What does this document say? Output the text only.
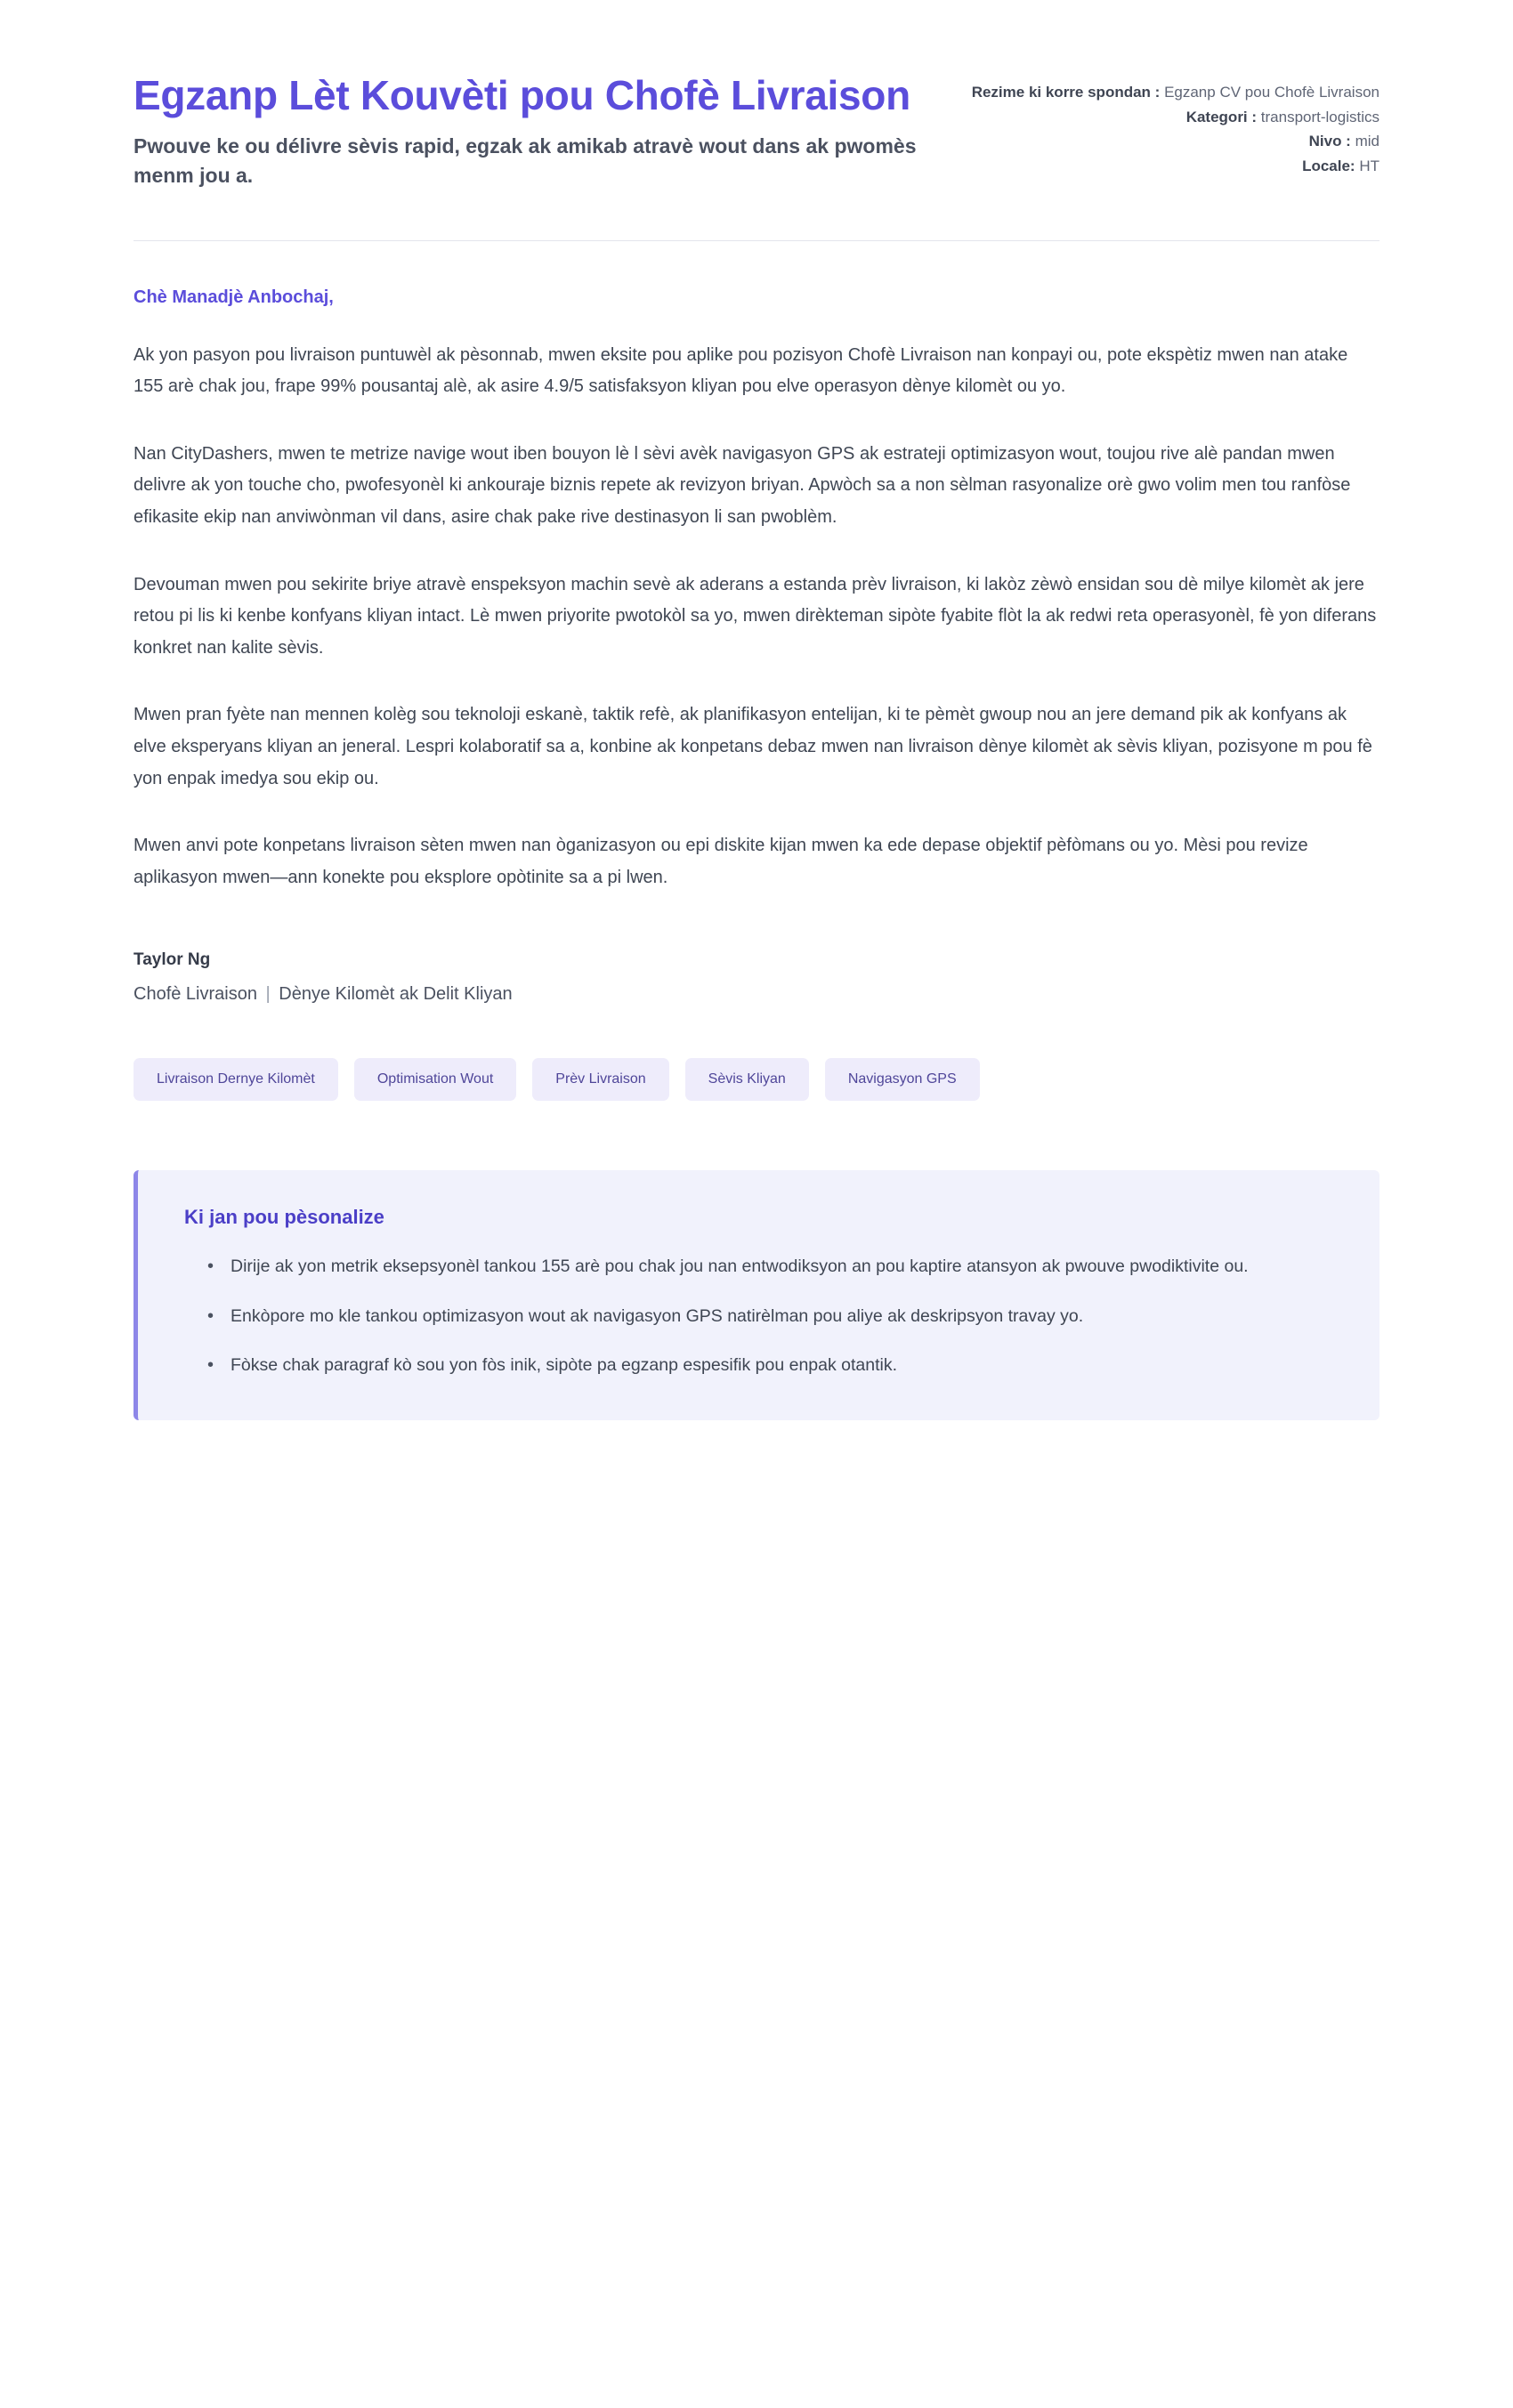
Egzanp Lèt Kouvèti pou Chofè Livraison

Pwouve ke ou délivre sèvis rapid, egzak ak amikab atravè wout dans ak pwomès menm jou a.

Rezime ki korre spondan : Egzanp CV pou Chofè Livraison
Kategori : transport-logistics
Nivo : mid
Locale: HT

Chè Manadjè Anbochaj,

Ak yon pasyon pou livraison puntuwèl ak pèsonnab, mwen eksite pou aplike pou pozisyon Chofè Livraison nan konpayi ou, pote ekspètiz mwen nan atake 155 arè chak jou, frape 99% pousantaj alè, ak asire 4.9/5 satisfaksyon kliyan pou elve operasyon dènye kilomèt ou yo.

Nan CityDashers, mwen te metrize navige wout iben bouyon lè l sèvi avèk navigasyon GPS ak estrateji optimizasyon wout, toujou rive alè pandan mwen delivre ak yon touche cho, pwofesyonèl ki ankouraje biznis repete ak revizyon briyan. Apwòch sa a non sèlman rasyonalize orè gwo volim men tou ranfòse efikasite ekip nan anviwònman vil dans, asire chak pake rive destinasyon li san pwoblèm.

Devouman mwen pou sekirite briye atravè enspeksyon machin sevè ak aderans a estanda prèv livraison, ki lakòz zèwò ensidan sou dè milye kilomèt ak jere retou pi lis ki kenbe konfyans kliyan intact. Lè mwen priyorite pwotokòl sa yo, mwen dirèkteman sipòte fyabite flòt la ak redwi reta operasyonèl, fè yon diferans konkret nan kalite sèvis.

Mwen pran fyète nan mennen kolèg sou teknoloji eskanè, taktik refè, ak planifikasyon entelijan, ki te pèmèt gwoup nou an jere demand pik ak konfyans ak elve eksperyans kliyan an jeneral. Lespri kolaboratif sa a, konbine ak konpetans debaz mwen nan livraison dènye kilomèt ak sèvis kliyan, pozisyone m pou fè yon enpak imedya sou ekip ou.

Mwen anvi pote konpetans livraison sèten mwen nan òganizasyon ou epi diskite kijan mwen ka ede depase objektif pèfòmans ou yo. Mèsi pou revize aplikasyon mwen—ann konekte pou eksplore opòtinite sa a pi lwen.

Taylor Ng

Chofè Livraison | Dènye Kilomèt ak Delit Kliyan

Livraison Dernye Kilomèt	Optimisation Wout	Prèv Livraison	Sèvis Kliyan	Navigasyon GPS

Ki jan pou pèsonalize

• Dirije ak yon metrik eksepsyonèl tankou 155 arè pou chak jou nan entwodiksyon an pou kaptire atansyon ak pwouve pwodiktivite ou.
• Enkòpore mo kle tankou optimizasyon wout ak navigasyon GPS natirèlman pou aliye ak deskripsyon travay yo.
• Fòkse chak paragraf kò sou yon fòs inik, sipòte pa egzanp espesifik pou enpak otantik.
